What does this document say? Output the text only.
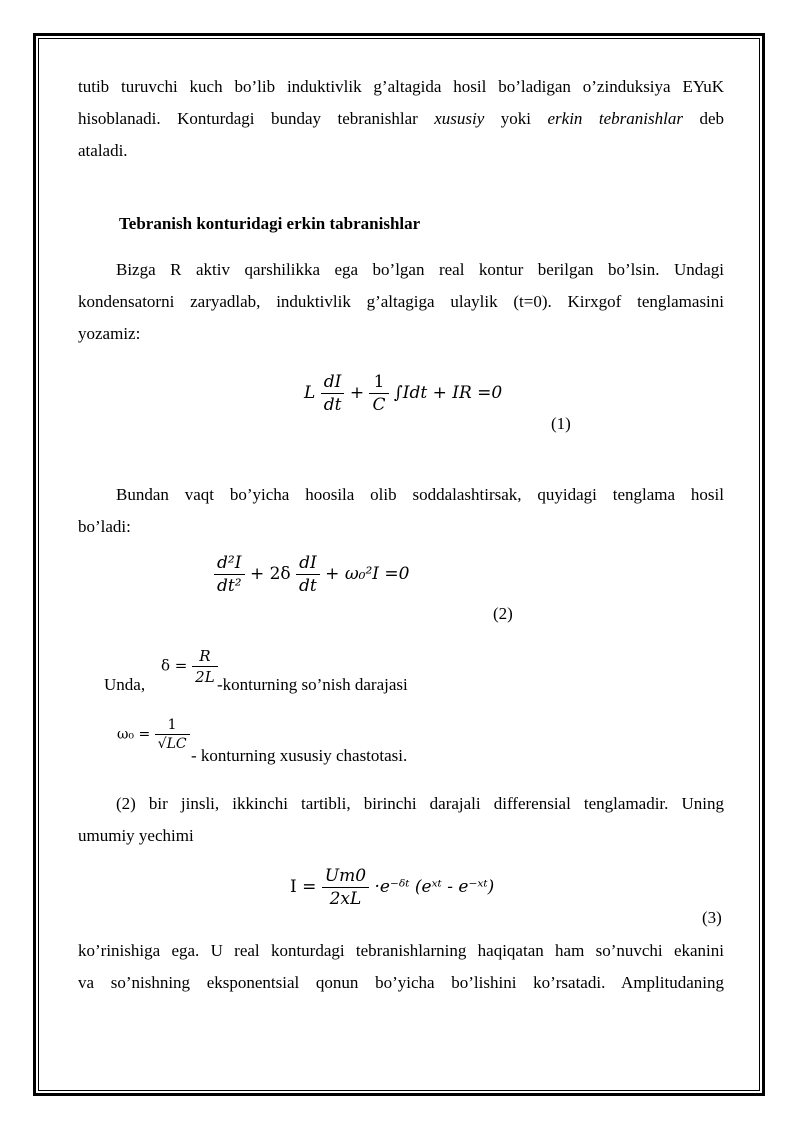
tutib turuvchi kuch bo’lib induktivlik g’altagida hosil bo’ladigan o’zinduksiya EYuK
hisoblanadi. Konturdagi bunday tebranishlar xususiy yoki erkin tebranishlar deb
ataladi.
Tebranish konturidagi erkin tabranishlar
Bizga R aktiv qarshilikka ega bo’lgan real kontur berilgan bo’lsin. Undagi
kondensatorni zaryadlab, induktivlik g’altagiga ulaylik (t=0). Kirxgof tenglamasini
yozamiz:
L $\frac{dI}{dt} + \frac{1}{C} \int Idt$ + IR =0
(1)
Bundan vaqt bo’yicha hoosila olib soddalashtirsak, quyidagi tenglama hosil
bo’ladi:
$\frac{\text{d²I}}{\text{dt²}} + 2\delta \frac{dI}{dt} + \omega_0^2I =0$
(2)
Unda,
$\delta = \frac{R}{2L}$ -konturning so’nish darajasi
$\omega_0 = \frac{1}{√LC}$
- konturning xususiy chastotasi.
(2) bir jinsli, ikkinchi tartibli, birinchi darajali differensial tenglamadir. Uning
umumiy yechimi
$I = \frac{Um0}{2xL}$ ·e⁻ᵟᵗ (eˣᵗ - e⁻ˣᵗ)
(3)
ko’rinishiga ega. U real konturdagi tebranishlarning haqiqatan ham so’nuvchi ekanini
va so’nishning eksponentsial qonun bo’yicha bo’lishini ko’rsatadi. Amplitudaning
